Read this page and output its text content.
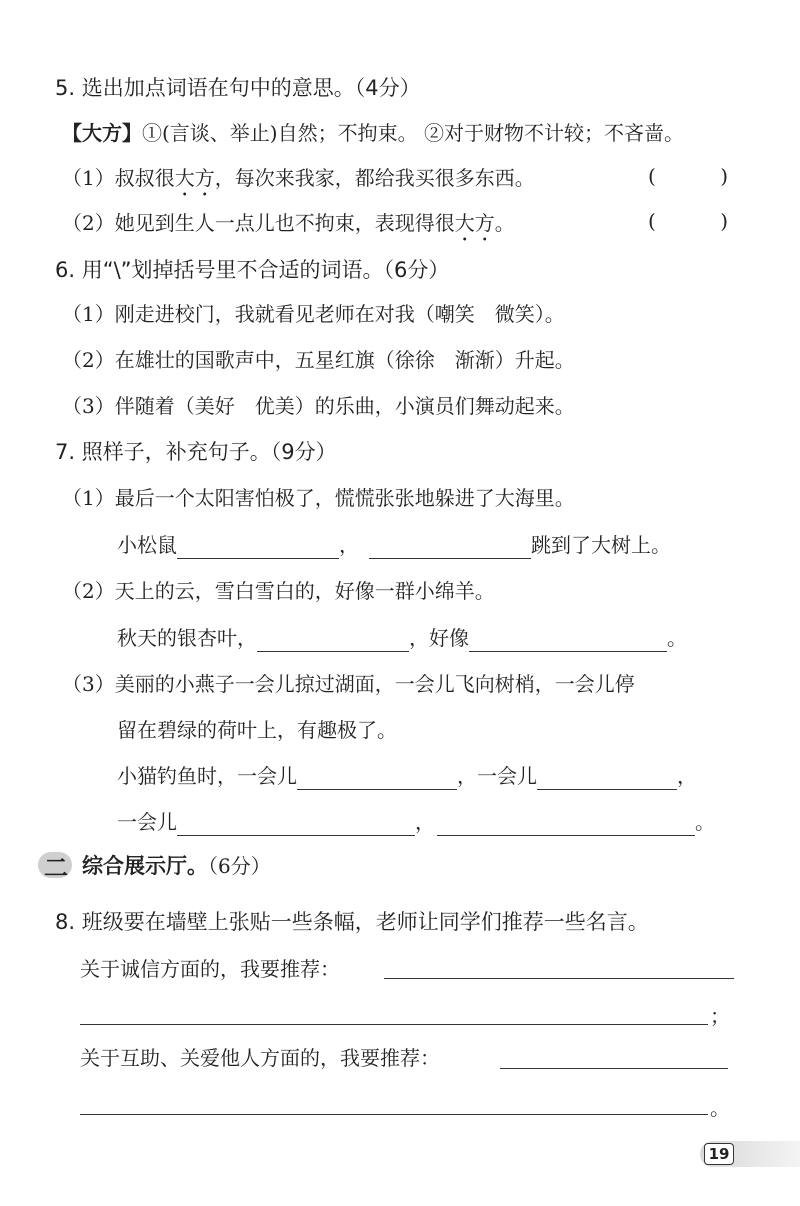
5. 选出加点词语在句中的意思。（4分）
【大方】①(言谈、举止)自然；不拘束。 ②对于财物不计较；不吝啬。
（1）叔叔很大方，每次来我家，都给我买很多东西。	(	)
（2）她见到生人一点儿也不拘束，表现得很大方。	(	)
6. 用“\”划掉括号里不合适的词语。（6分）
（1）刚走进校门，我就看见老师在对我（嘲笑　微笑）。
（2）在雄壮的国歌声中，五星红旗（徐徐　渐渐）升起。
（3）伴随着（美好　优美）的乐曲，小演员们舞动起来。
7. 照样子，补充句子。（9分）
（1）最后一个太阳害怕极了，慌慌张张地躲进了大海里。
小松鼠	，	跳到了大树上。
（2）天上的云，雪白雪白的，好像一群小绵羊。
秋天的银杏叶，	，好像	。
（3）美丽的小燕子一会儿掠过湖面，一会儿飞向树梢，一会儿停
留在碧绿的荷叶上，有趣极了。
小猫钓鱼时，一会儿	，一会儿	，
一会儿	，	。
二 综合展示厅。（6分）
8. 班级要在墙壁上张贴一些条幅，老师让同学们推荐一些名言。
关于诚信方面的，我要推荐：
；
关于互助、关爱他人方面的，我要推荐：
。
19
